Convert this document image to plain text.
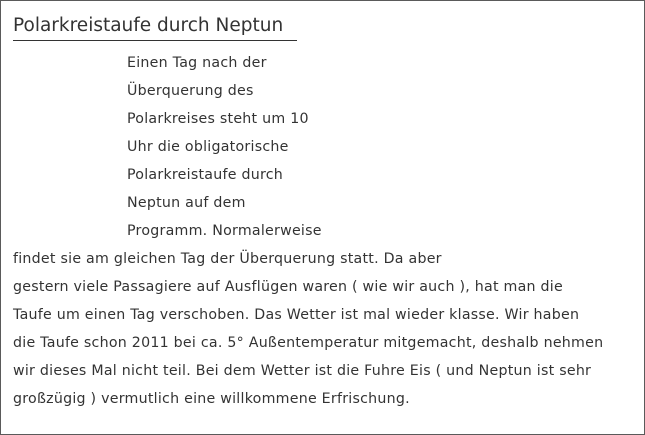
Polarkreistaufe durch Neptun

Einen Tag nach der

Überquerung des

Polarkreises steht um 10

Uhr die obligatorische

Polarkreistaufe durch

Neptun auf dem

Programm. Normalerweise

findet sie am gleichen Tag der Überquerung statt. Da aber

gestern viele Passagiere auf Ausflügen waren ( wie wir auch ), hat man die

Taufe um einen Tag verschoben. Das Wetter ist mal wieder klasse. Wir haben

die Taufe schon 2011 bei ca. 5° Außentemperatur mitgemacht, deshalb nehmen

wir dieses Mal nicht teil. Bei dem Wetter ist die Fuhre Eis ( und Neptun ist sehr

großzügig ) vermutlich eine willkommene Erfrischung.
